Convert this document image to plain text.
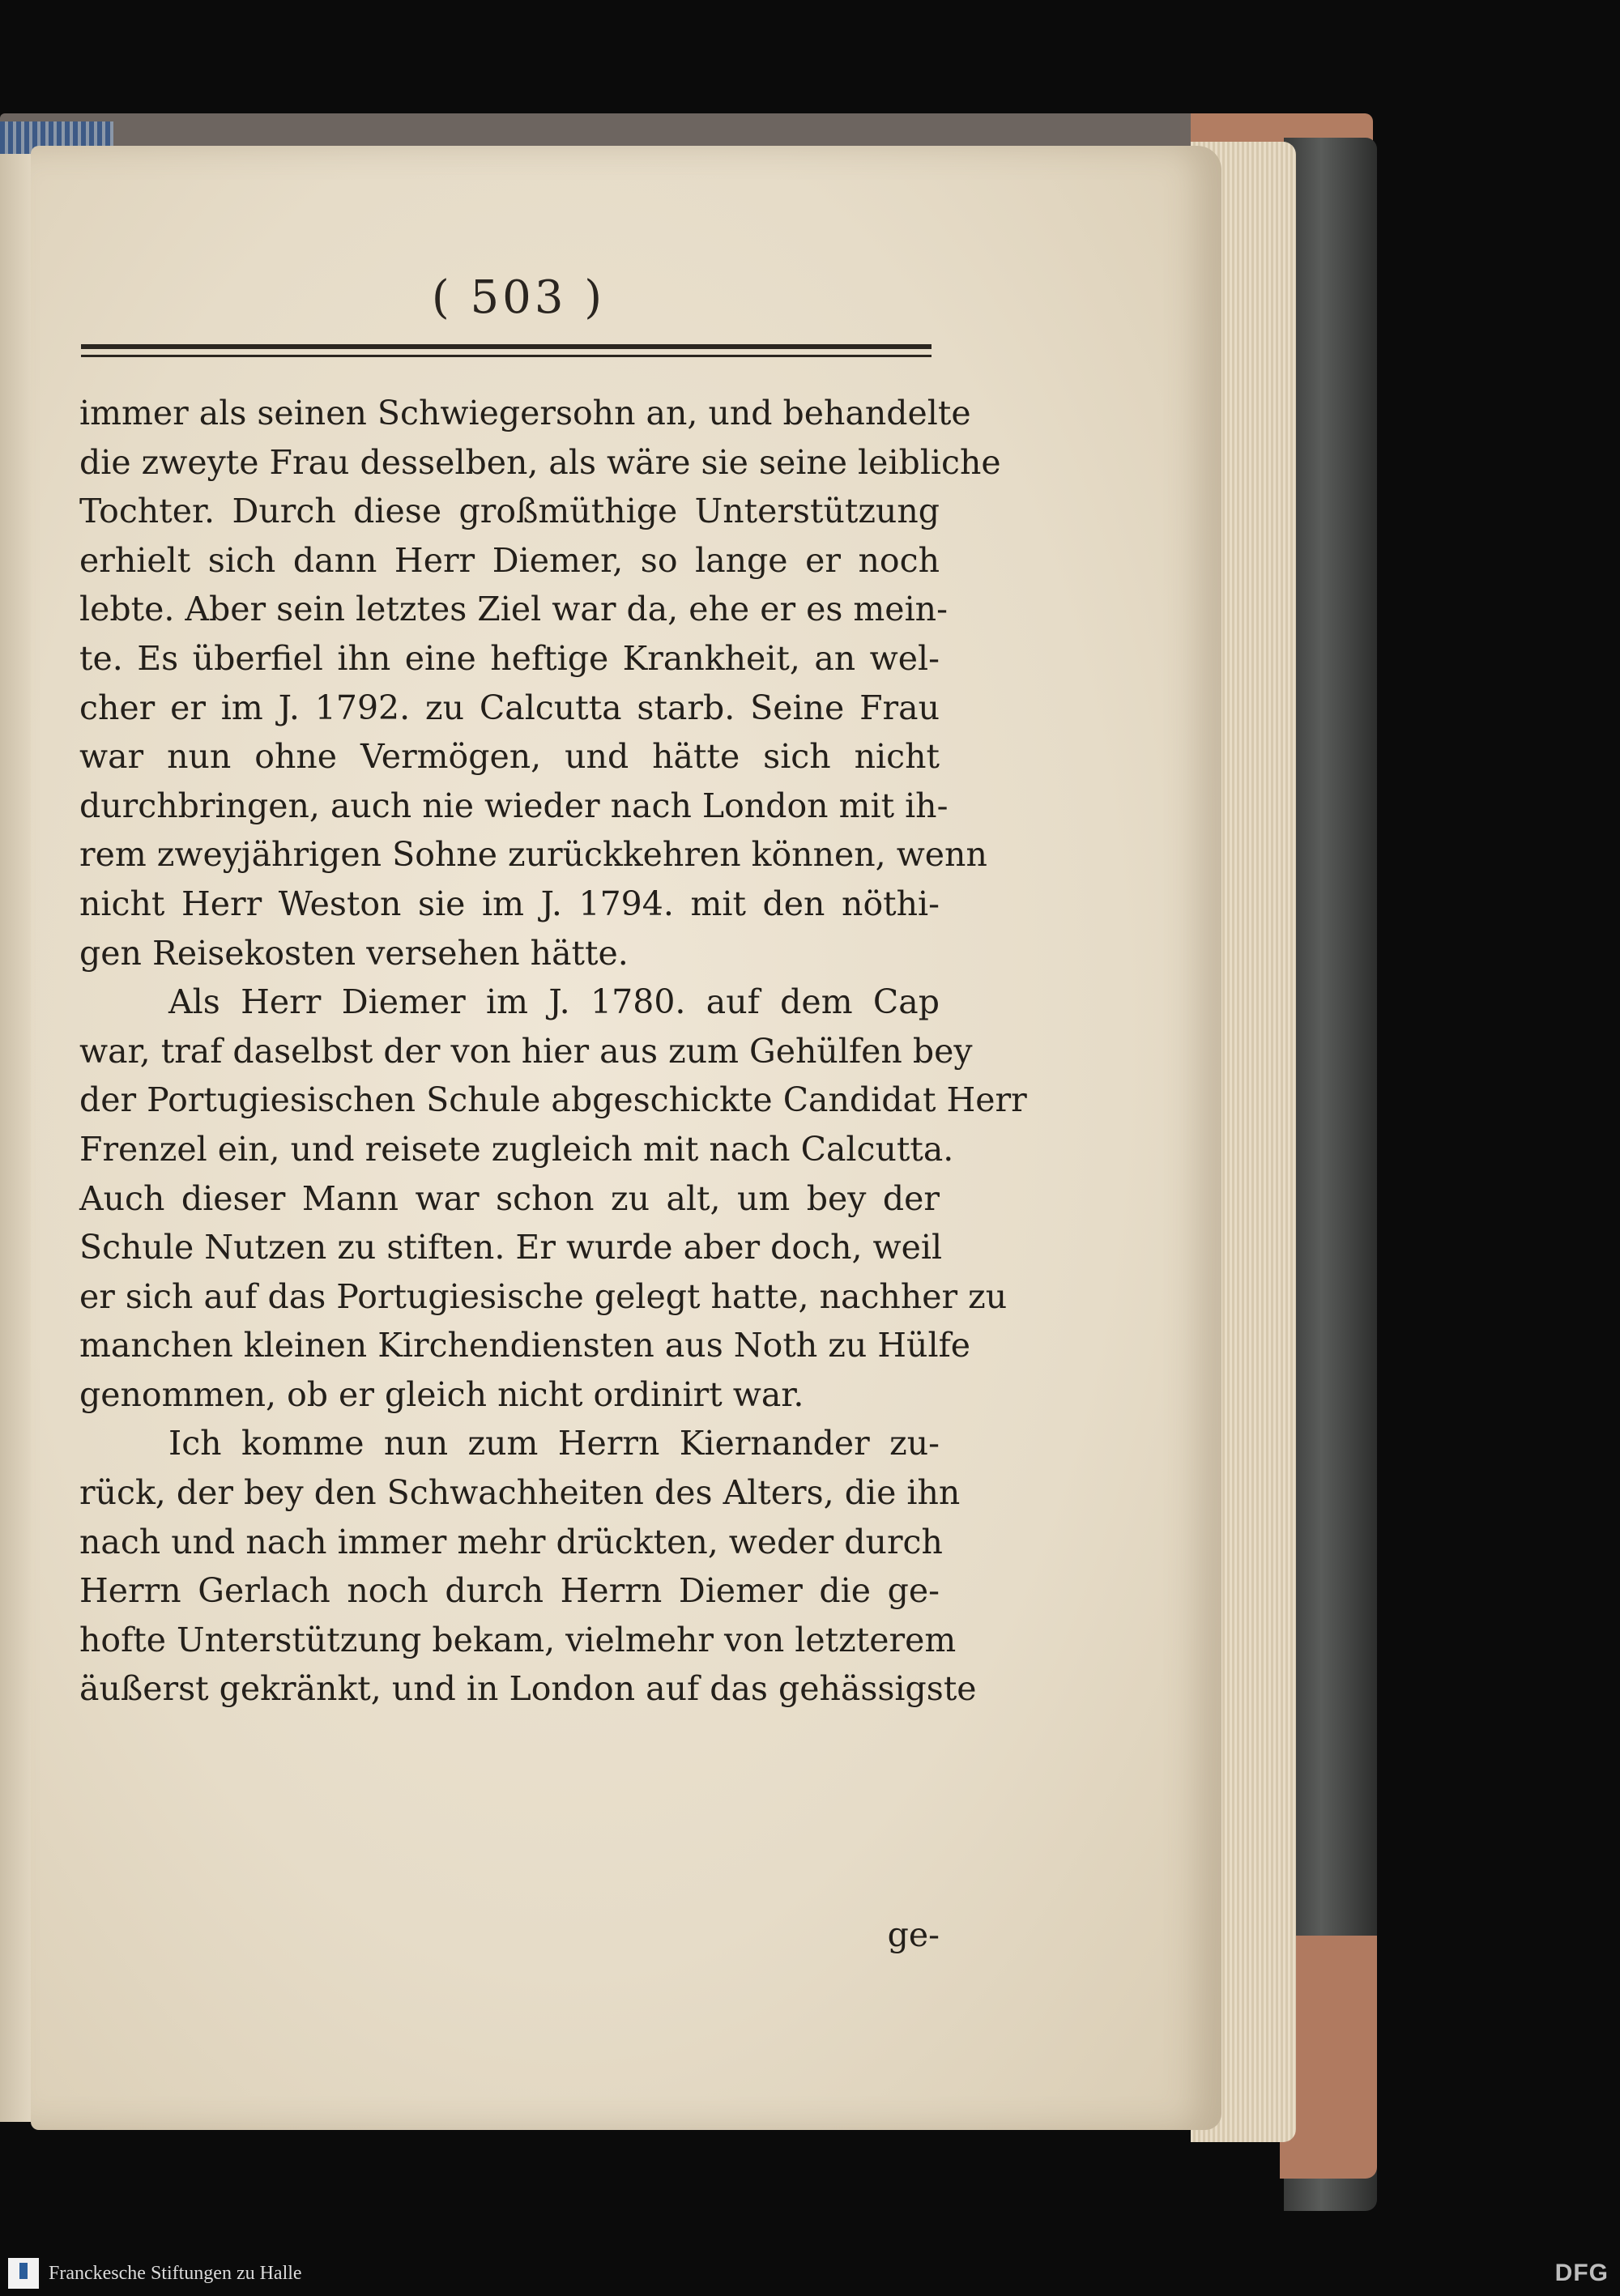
( 503 )
immer als seinen Schwiegersohn an, und behandelte
die zweyte Frau desselben, als wäre sie seine leibliche
Tochter. Durch diese großmüthige Unterstützung
erhielt sich dann Herr Diemer, so lange er noch
lebte. Aber sein letztes Ziel war da, ehe er es mein-
te. Es überfiel ihn eine heftige Krankheit, an wel-
cher er im J. 1792. zu Calcutta starb. Seine Frau
war nun ohne Vermögen, und hätte sich nicht
durchbringen, auch nie wieder nach London mit ih-
rem zweyjährigen Sohne zurückkehren können, wenn
nicht Herr Weston sie im J. 1794. mit den nöthi-
gen Reisekosten versehen hätte.
Als Herr Diemer im J. 1780. auf dem Cap
war, traf daselbst der von hier aus zum Gehülfen bey
der Portugiesischen Schule abgeschickte Candidat Herr
Frenzel ein, und reisete zugleich mit nach Calcutta.
Auch dieser Mann war schon zu alt, um bey der
Schule Nutzen zu stiften. Er wurde aber doch, weil
er sich auf das Portugiesische gelegt hatte, nachher zu
manchen kleinen Kirchendiensten aus Noth zu Hülfe
genommen, ob er gleich nicht ordinirt war.
Ich komme nun zum Herrn Kiernander zu-
rück, der bey den Schwachheiten des Alters, die ihn
nach und nach immer mehr drückten, weder durch
Herrn Gerlach noch durch Herrn Diemer die ge-
hofte Unterstützung bekam, vielmehr von letzterem
äußerst gekränkt, und in London auf das gehässigste
ge-
Franckesche Stiftungen zu Halle	DFG
